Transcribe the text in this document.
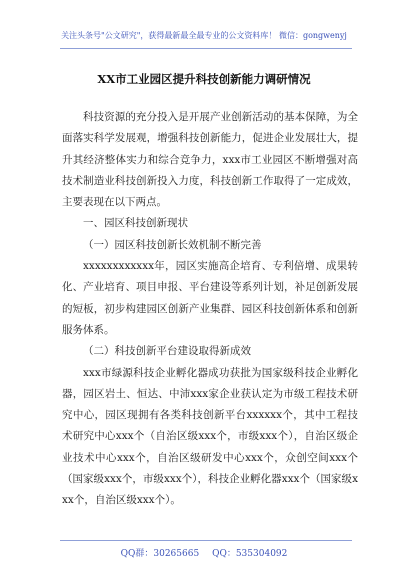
关注头条号"公文研究"，获得最新最全最专业的公文资料库！ 微信：gongwenyj
XX市工业园区提升科技创新能力调研情况

科技资源的充分投入是开展产业创新活动的基本保障，为全面落实科学发展观，增强科技创新能力，促进企业发展壮大，提升其经济整体实力和综合竞争力，xxx市工业园区不断增强对高技术制造业科技创新投入力度，科技创新工作取得了一定成效，主要表现在以下两点。

一、园区科技创新现状

（一）园区科技创新长效机制不断完善

xxxxxxxxxxxx年，园区实施高企培育、专利倍增、成果转化、产业培育、项目申报、平台建设等系列计划，补足创新发展的短板，初步构建园区创新产业集群、园区科技创新体系和创新服务体系。

（二）科技创新平台建设取得新成效

xxx市绿源科技企业孵化器成功获批为国家级科技企业孵化器，园区岩土、恒达、中沛xxx家企业获认定为市级工程技术研究中心，园区现拥有各类科技创新平台xxxxxx个，其中工程技术研究中心xxx个（自治区级xxx个，市级xxx个），自治区级企业技术中心xxx个，自治区级研发中心xxx个，众创空间xxx个（国家级xxx个，市级xxx个），科技企业孵化器xxx个（国家级xxx个，自治区级xxx个）。

QQ群：30265665 QQ：535304092
